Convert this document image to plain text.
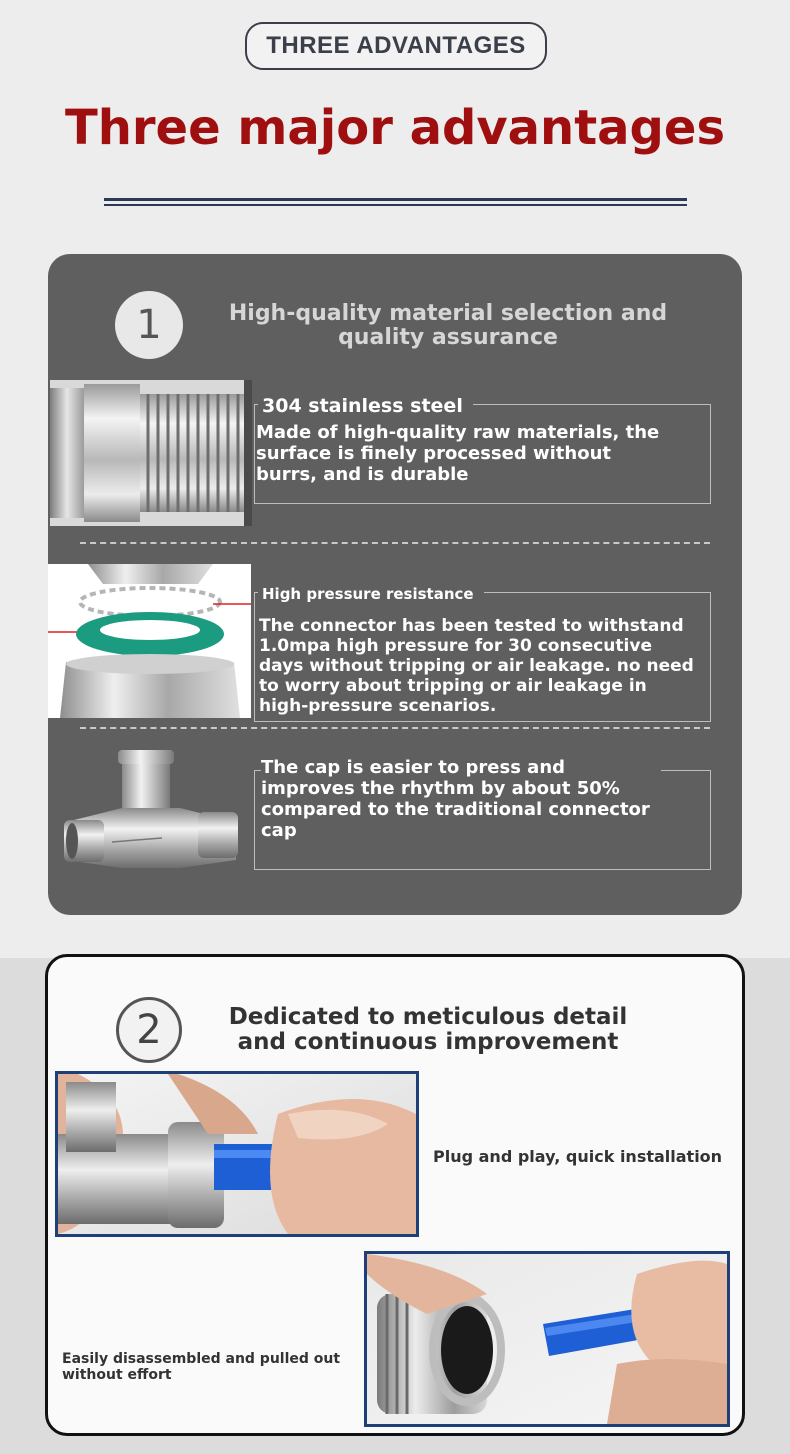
THREE ADVANTAGES
Three major advantages
1	High-quality material selection and quality assurance
304 stainless steel
Made of high-quality raw materials, the surface is finely processed without burrs, and is durable
High pressure resistance
The connector has been tested to withstand 1.0mpa high pressure for 30 consecutive days without tripping or air leakage. no need to worry about tripping or air leakage in high-pressure scenarios.
The cap is easier to press and improves the rhythm by about 50% compared to the traditional connector cap
2	Dedicated to meticulous detail and continuous improvement
Plug and play, quick installation
Easily disassembled and pulled out without effort
